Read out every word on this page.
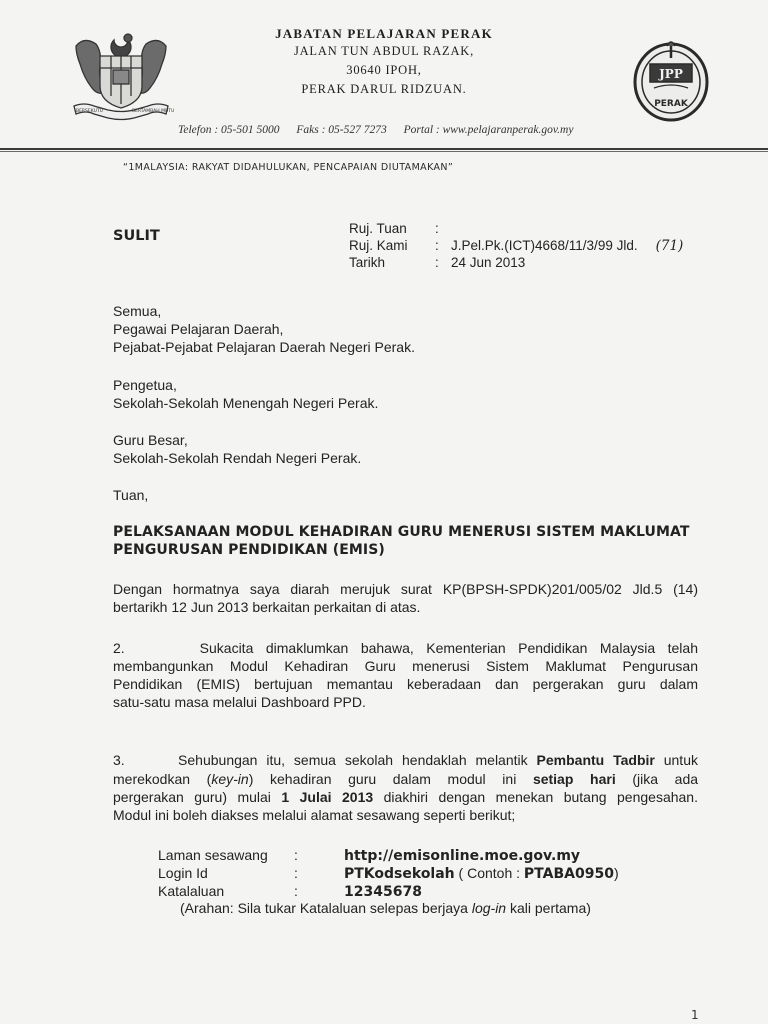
BERSEKUTU	BERTAMBAH MUTU
JABATAN PELAJARAN PERAK
JALAN TUN ABDUL RAZAK,
30640 IPOH,
PERAK DARUL RIDZUAN.
JPP
PERAK
Telefon : 05-501 5000 Faks : 05-527 7273 Portal : www.pelajaranperak.gov.my
“1MALAYSIA: RAKYAT DIDAHULUKAN, PENCAPAIAN DIUTAMAKAN”
SULIT	Ruj. Tuan :
Ruj. Kami : J.Pel.Pk.(ICT)4668/11/3/99 Jld. (71)
Tarikh	: 24 Jun 2013
Semua,
Pegawai Pelajaran Daerah,
Pejabat-Pejabat Pelajaran Daerah Negeri Perak.
Pengetua,
Sekolah-Sekolah Menengah Negeri Perak.
Guru Besar,
Sekolah-Sekolah Rendah Negeri Perak.
Tuan,
PELAKSANAAN MODUL KEHADIRAN GURU MENERUSI SISTEM MAKLUMAT
PENGURUSAN PENDIDIKAN (EMIS)
Dengan hormatnya saya diarah merujuk surat KP(BPSH-SPDK)201/005/02 Jld.5 (14)
bertarikh 12 Jun 2013 berkaitan perkaitan di atas.
2.      Sukacita dimaklumkan bahawa, Kementerian Pendidikan Malaysia telah
membangunkan Modul Kehadiran Guru menerusi Sistem Maklumat Pengurusan
Pendidikan (EMIS) bertujuan memantau keberadaan dan pergerakan guru dalam
satu-satu masa melalui Dashboard PPD.
3.      Sehubungan itu, semua sekolah hendaklah melantik Pembantu Tadbir untuk
merekodkan (key-in) kehadiran guru dalam modul ini setiap hari (jika ada
pergerakan guru) mulai 1 Julai 2013 diakhiri dengan menekan butang pengesahan.
Modul ini boleh diakses melalui alamat sesawang seperti berikut;
Laman sesawang :	http://emisonline.moe.gov.my
Login Id	:	PTKodsekolah ( Contoh : PTABA0950)
Katalaluan	:	12345678
(Arahan: Sila tukar Katalaluan selepas berjaya log-in kali pertama)
1
